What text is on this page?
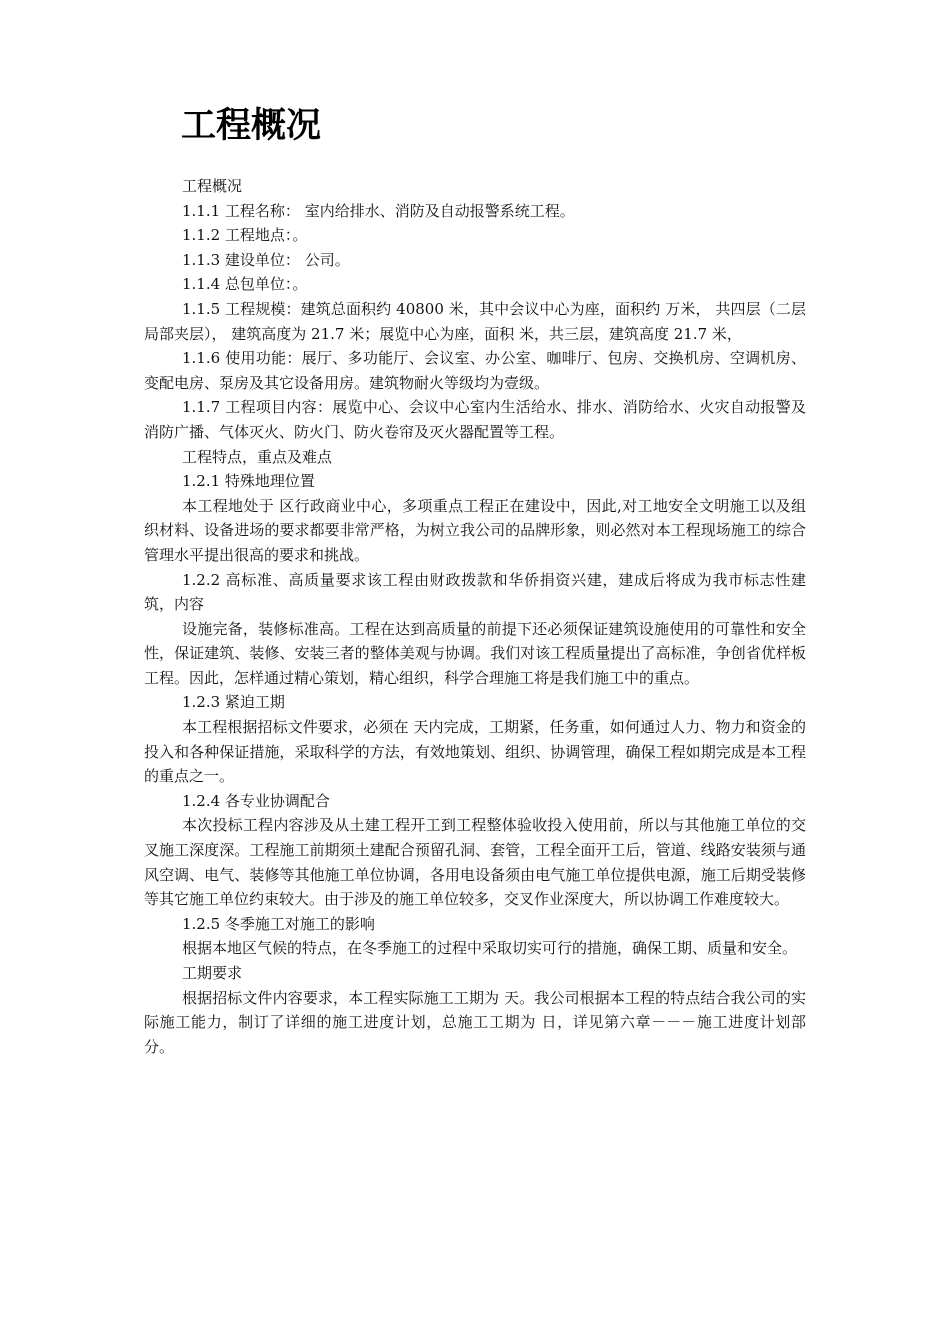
工程概况

工程概况

1.1.1 工程名称： 室内给排水、消防及自动报警系统工程。

1.1.2 工程地点：。

1.1.3 建设单位： 公司。

1.1.4 总包单位：。

1.1.5 工程规模：建筑总面积约 40800 米，其中会议中心为座，面积约 万米， 共四层（二层局部夹层）， 建筑高度为 21.7 米；展览中心为座，面积 米，共三层，建筑高度 21.7 米，

1.1.6 使用功能：展厅、多功能厅、会议室、办公室、咖啡厅、包房、交换机房、空调机房、变配电房、泵房及其它设备用房。建筑物耐火等级均为壹级。

1.1.7 工程项目内容：展览中心、会议中心室内生活给水、排水、消防给水、火灾自动报警及消防广播、气体灭火、防火门、防火卷帘及灭火器配置等工程。

工程特点，重点及难点

1.2.1 特殊地理位置

本工程地处于 区行政商业中心，多项重点工程正在建设中，因此,对工地安全文明施工以及组织材料、设备进场的要求都要非常严格，为树立我公司的品牌形象，则必然对本工程现场施工的综合管理水平提出很高的要求和挑战。

1.2.2 高标准、高质量要求该工程由财政拨款和华侨捐资兴建，建成后将成为我市标志性建筑，内容

设施完备，装修标准高。工程在达到高质量的前提下还必须保证建筑设施使用的可靠性和安全性，保证建筑、装修、安装三者的整体美观与协调。我们对该工程质量提出了高标准，争创省优样板工程。因此，怎样通过精心策划，精心组织，科学合理施工将是我们施工中的重点。

1.2.3 紧迫工期

本工程根据招标文件要求，必须在 天内完成，工期紧，任务重，如何通过人力、物力和资金的投入和各种保证措施，采取科学的方法，有效地策划、组织、协调管理，确保工程如期完成是本工程的重点之一。

1.2.4 各专业协调配合

本次投标工程内容涉及从土建工程开工到工程整体验收投入使用前，所以与其他施工单位的交叉施工深度深。工程施工前期须土建配合预留孔洞、套管，工程全面开工后，管道、线路安装须与通风空调、电气、装修等其他施工单位协调，各用电设备须由电气施工单位提供电源，施工后期受装修等其它施工单位约束较大。由于涉及的施工单位较多，交叉作业深度大，所以协调工作难度较大。

1.2.5 冬季施工对施工的影响

根据本地区气候的特点，在冬季施工的过程中采取切实可行的措施，确保工期、质量和安全。

工期要求

根据招标文件内容要求，本工程实际施工工期为 天。我公司根据本工程的特点结合我公司的实际施工能力，制订了详细的施工进度计划，总施工工期为 日，详见第六章－－－施工进度计划部分。
